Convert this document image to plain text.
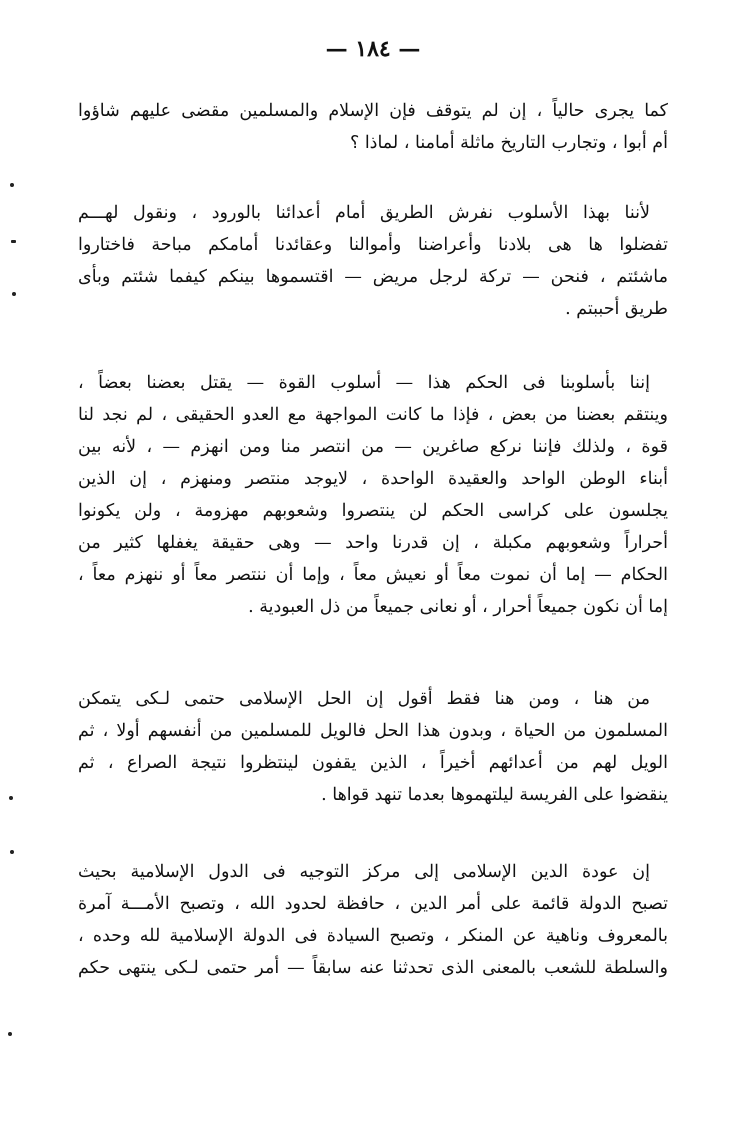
— ١٨٤ —
كما يجرى حالياً ، إن لم يتوقف فإن الإسلام والمسلمين مقضى عليهم شاؤوا
أم أبوا ، وتجارب التاريخ ماثلة أمامنا ، لماذا ؟
لأننا بهذا الأسلوب نفرش الطريق أمام أعدائنا بالورود ، ونقول لهـــم
تفضلوا ها هى بلادنا وأعراضنا وأموالنا وعقائدنا أمامكم مباحة فاختاروا
ماشئتم ، فنحن — تركة لرجل مريض — اقتسموها بينكم كيفما شئتم وبأى
طريق أحببتم .
إننا بأسلوبنا فى الحكم هذا — أسلوب القوة — يقتل بعضنا بعضاً ،
وينتقم بعضنا من بعض ، فإذا ما كانت المواجهة مع العدو الحقيقى ، لم نجد لنا
قوة ، ولذلك فإننا نركع صاغرين — من انتصر منا ومن انهزم — ، لأنه بين
أبناء الوطن الواحد والعقيدة الواحدة ، لايوجد منتصر ومنهزم ، إن الذين
يجلسون على كراسى الحكم لن ينتصروا وشعوبهم مهزومة ، ولن يكونوا
أحراراً وشعوبهم مكبلة ، إن قدرنا واحد — وهى حقيقة يغفلها كثير من
الحكام — إما أن نموت معاً أو نعيش معاً ، وإما أن ننتصر معاً أو ننهزم معاً ،
إما أن نكون جميعاً أحرار ، أو نعانى جميعاً من ذل العبودية .
من هنا ، ومن هنا فقط أقول إن الحل الإسلامى حتمى لـكى يتمكن
المسلمون من الحياة ، وبدون هذا الحل فالويل للمسلمين من أنفسهم أولا ، ثم
الويل لهم من أعدائهم أخيراً ، الذين يقفون لينتظروا نتيجة الصراع ، ثم
ينقضوا على الفريسة ليلتهموها بعدما تنهد قواها .
إن عودة الدين الإسلامى إلى مركز التوجيه فى الدول الإسلامية بحيث
تصبح الدولة قائمة على أمر الدين ، حافظة لحدود الله ، وتصبح الأمـــة آمرة
بالمعروف وناهية عن المنكر ، وتصبح السيادة فى الدولة الإسلامية لله وحده ،
والسلطة للشعب بالمعنى الذى تحدثنا عنه سابقاً — أمر حتمى لـكى ينتهى حكم
